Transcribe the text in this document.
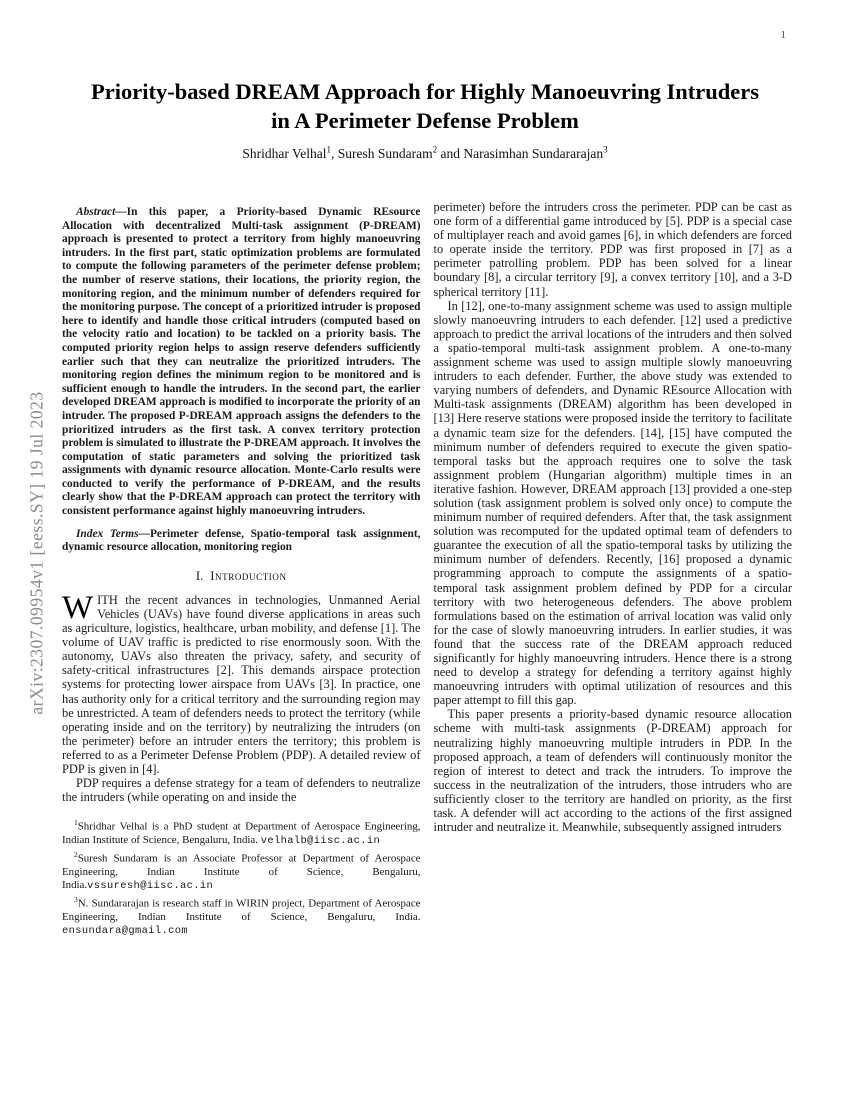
1
arXiv:2307.09954v1 [eess.SY] 19 Jul 2023
Priority-based DREAM Approach for Highly Manoeuvring Intruders
in A Perimeter Defense Problem
Shridhar Velhal$^1$, Suresh Sundaram$^2$ and Narasimhan Sundararajan$^3$

Abstract—In this paper, a Priority-based Dynamic REsource Allocation with decentralized Multi-task assignment (P-DREAM) approach is presented to protect a territory from highly manoeuvring intruders. In the first part, static optimization problems are formulated to compute the following parameters of the perimeter defense problem; the number of reserve stations, their locations, the priority region, the monitoring region, and the minimum number of defenders required for the monitoring purpose. The concept of a prioritized intruder is proposed here to identify and handle those critical intruders (computed based on the velocity ratio and location) to be tackled on a priority basis. The computed priority region helps to assign reserve defenders sufficiently earlier such that they can neutralize the prioritized intruders. The monitoring region defines the minimum region to be monitored and is sufficient enough to handle the intruders. In the second part, the earlier developed DREAM approach is modified to incorporate the priority of an intruder. The proposed P-DREAM approach assigns the defenders to the prioritized intruders as the first task. A convex territory protection problem is simulated to illustrate the P-DREAM approach. It involves the computation of static parameters and solving the prioritized task assignments with dynamic resource allocation. Monte-Carlo results were conducted to verify the performance of P-DREAM, and the results clearly show that the P-DREAM approach can protect the territory with consistent performance against highly manoeuvring intruders.

Index Terms—Perimeter defense, Spatio-temporal task assignment, dynamic resource allocation, monitoring region

I. Introduction

WITH the recent advances in technologies, Unmanned Aerial Vehicles (UAVs) have found diverse applications in areas such as agriculture, logistics, healthcare, urban mobility, and defense [1]. The volume of UAV traffic is predicted to rise enormously soon. With the autonomy, UAVs also threaten the privacy, safety, and security of safety-critical infrastructures [2]. This demands airspace protection systems for protecting lower airspace from UAVs [3]. In practice, one has authority only for a critical territory and the surrounding region may be unrestricted. A team of defenders needs to protect the territory (while operating inside and on the territory) by neutralizing the intruders (on the perimeter) before an intruder enters the territory; this problem is referred to as a Perimeter Defense Problem (PDP). A detailed review of PDP is given in [4].

PDP requires a defense strategy for a team of defenders to neutralize the intruders (while operating on and inside the

$^1$Shridhar Velhal is a PhD student at Department of Aerospace Engineering, Indian Institute of Science, Bengaluru, India. velhalb@iisc.ac.in

$^2$Suresh Sundaram is an Associate Professor at Department of Aerospace Engineering, Indian Institute of Science, Bengaluru, India.vssuresh@iisc.ac.in

$^3$N. Sundararajan is research staff in WIRIN project, Department of Aerospace Engineering, Indian Institute of Science, Bengaluru, India. ensundara@gmail.com

perimeter) before the intruders cross the perimeter. PDP can be cast as one form of a differential game introduced by [5]. PDP is a special case of multiplayer reach and avoid games [6], in which defenders are forced to operate inside the territory. PDP was first proposed in [7] as a perimeter patrolling problem. PDP has been solved for a linear boundary [8], a circular territory [9], a convex territory [10], and a 3-D spherical territory [11].

In [12], one-to-many assignment scheme was used to assign multiple slowly manoeuvring intruders to each defender. [12] used a predictive approach to predict the arrival locations of the intruders and then solved a spatio-temporal multi-task assignment problem. A one-to-many assignment scheme was used to assign multiple slowly manoeuvring intruders to each defender. Further, the above study was extended to varying numbers of defenders, and Dynamic REsource Allocation with Multi-task assignments (DREAM) algorithm has been developed in [13] Here reserve stations were proposed inside the territory to facilitate a dynamic team size for the defenders. [14], [15] have computed the minimum number of defenders required to execute the given spatio-temporal tasks but the approach requires one to solve the task assignment problem (Hungarian algorithm) multiple times in an iterative fashion. However, DREAM approach [13] provided a one-step solution (task assignment problem is solved only once) to compute the minimum number of required defenders. After that, the task assignment solution was recomputed for the updated optimal team of defenders to guarantee the execution of all the spatio-temporal tasks by utilizing the minimum number of defenders. Recently, [16] proposed a dynamic programming approach to compute the assignments of a spatio-temporal task assignment problem defined by PDP for a circular territory with two heterogeneous defenders. The above problem formulations based on the estimation of arrival location was valid only for the case of slowly manoeuvring intruders. In earlier studies, it was found that the success rate of the DREAM approach reduced significantly for highly manoeuvring intruders. Hence there is a strong need to develop a strategy for defending a territory against highly manoeuvring intruders with optimal utilization of resources and this paper attempt to fill this gap.

This paper presents a priority-based dynamic resource allocation scheme with multi-task assignments (P-DREAM) approach for neutralizing highly manoeuvring multiple intruders in PDP. In the proposed approach, a team of defenders will continuously monitor the region of interest to detect and track the intruders. To improve the success in the neutralization of the intruders, those intruders who are sufficiently closer to the territory are handled on priority, as the first task. A defender will act according to the actions of the first assigned intruder and neutralize it. Meanwhile, subsequently assigned intruders
